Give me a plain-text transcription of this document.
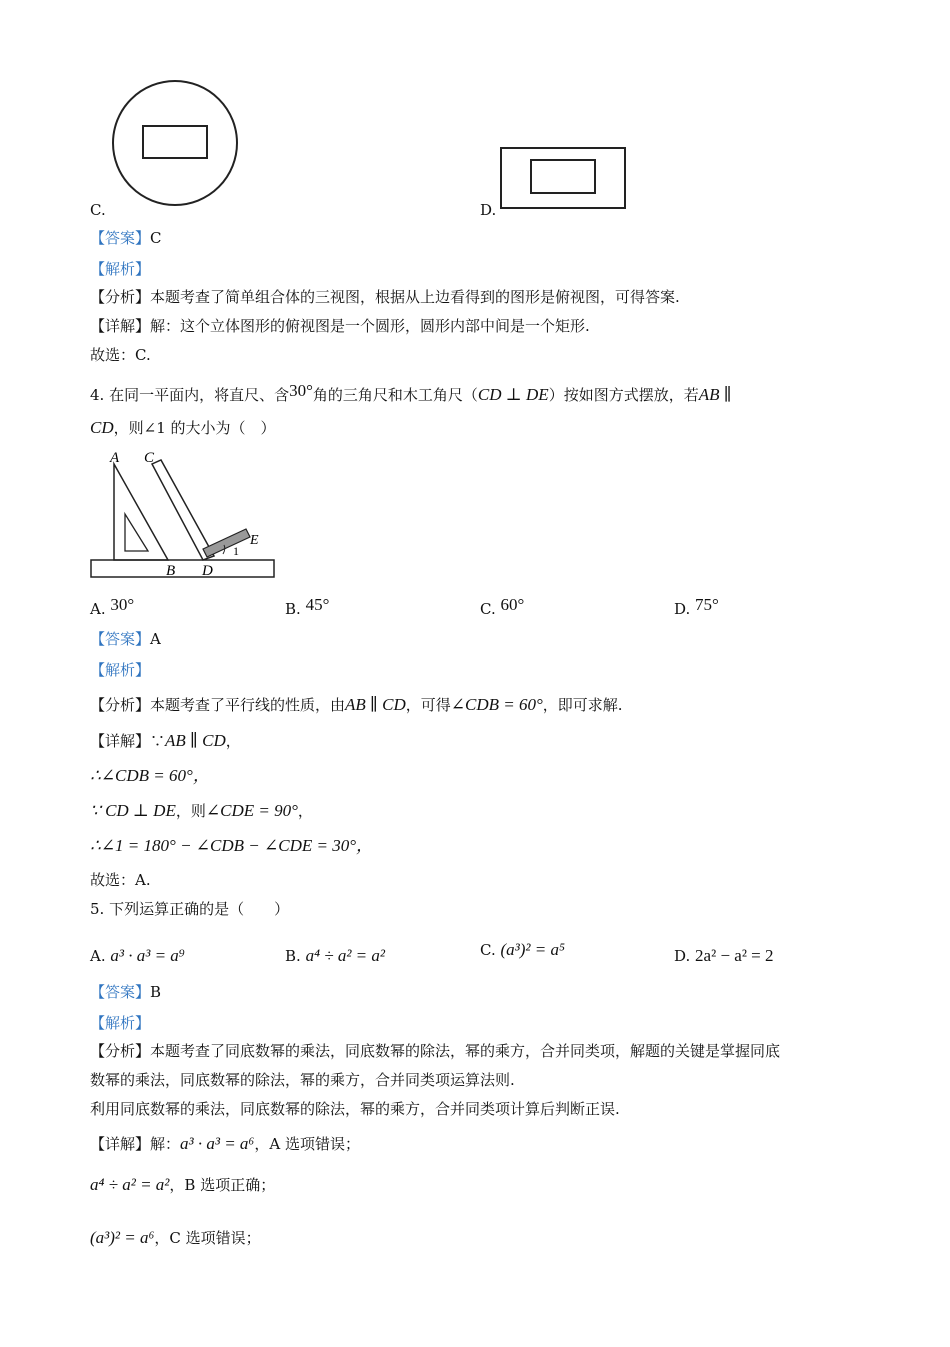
C.	D.
【答案】C
【解析】
【分析】本题考查了简单组合体的三视图，根据从上边看得到的图形是俯视图，可得答案.
【详解】解：这个立体图形的俯视图是一个圆形，圆形内部中间是一个矩形.
故选：C.
4. 在同一平面内，将直尺、含30°角的三角尺和木工角尺（CD ⊥ DE）按如图方式摆放，若AB ∥
CD，则∠1 的大小为（　）
A C
E
1
B D
A. 30°	B. 45°	C. 60°	D. 75°
【答案】A
【解析】
【分析】本题考查了平行线的性质，由AB ∥ CD，可得∠CDB = 60°，即可求解.
【详解】∵AB ∥ CD，
∴∠CDB = 60°，
∵ CD ⊥ DE，则∠CDE = 90°，
∴∠1 = 180° − ∠CDB − ∠CDE = 30°，
故选：A.
5. 下列运算正确的是（　　）
A. a³ · a³ = a⁹	B. a⁴ ÷ a² = a²	C. (a³)² = a⁵	D. 2a² − a² = 2
【答案】B
【解析】
【分析】本题考查了同底数幂的乘法，同底数幂的除法，幂的乘方，合并同类项，解题的关键是掌握同底
数幂的乘法，同底数幂的除法，幂的乘方，合并同类项运算法则.
利用同底数幂的乘法，同底数幂的除法，幂的乘方，合并同类项计算后判断正误.
【详解】解：a³ · a³ = a⁶，A 选项错误；
a⁴ ÷ a² = a²，B 选项正确；
(a³)² = a⁶，C 选项错误；
